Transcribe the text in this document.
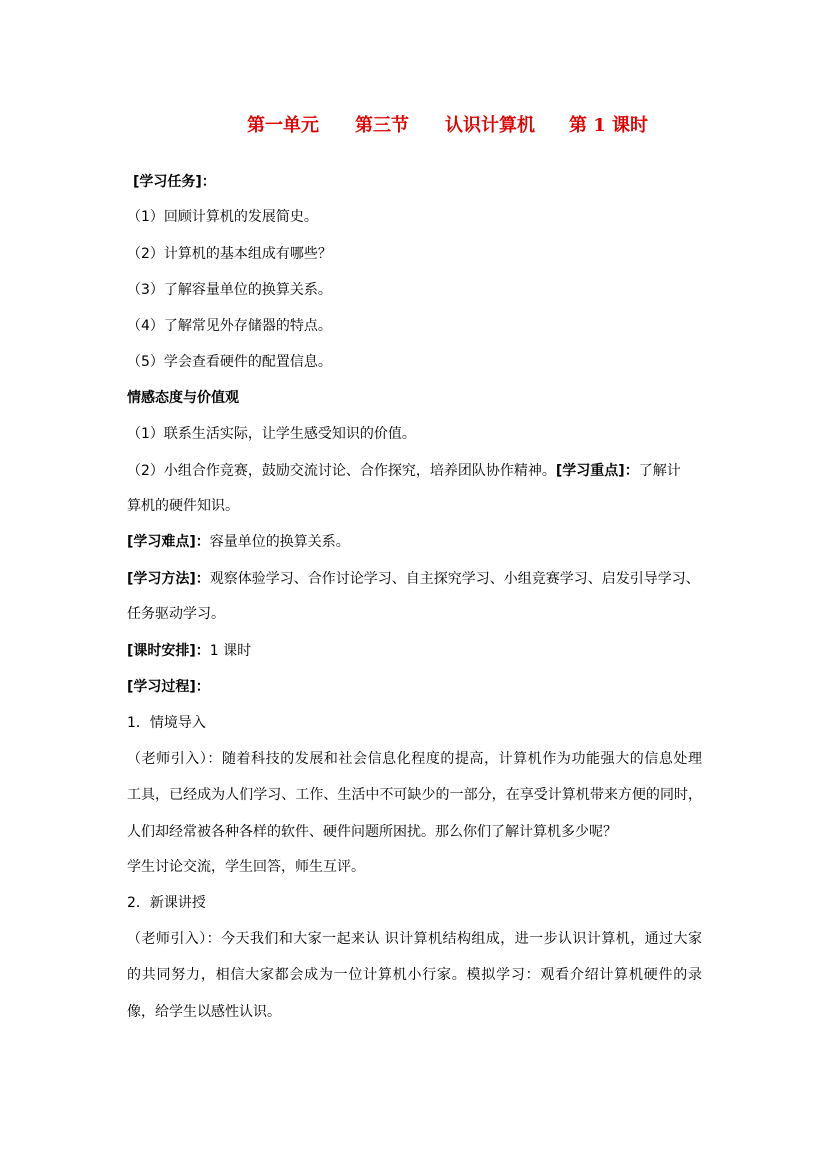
第一单元 第三节 认识计算机 第 1 课时
[学习任务]：
（1）回顾计算机的发展简史。
（2）计算机的基本组成有哪些？
（3）了解容量单位的换算关系。
（4）了解常见外存储器的特点。
（5）学会查看硬件的配置信息。
情感态度与价值观
（1）联系生活实际，让学生感受知识的价值。
（2）小组合作竞赛，鼓励交流讨论、合作探究，培养团队协作精神。[学习重点]：了解计
算机的硬件知识。
[学习难点]：容量单位的换算关系。
[学习方法]：观察体验学习、合作讨论学习、自主探究学习、小组竞赛学习、启发引导学习、
任务驱动学习。
[课时安排]：1 课时
[学习过程]：
1．情境导入
（老师引入）：随着科技的发展和社会信息化程度的提高，计算机作为功能强大的信息处理
工具，已经成为人们学习、工作、生活中不可缺少的一部分，在享受计算机带来方便的同时，
人们却经常被各种各样的软件、硬件问题所困扰。那么你们了解计算机多少呢？
学生讨论交流，学生回答，师生互评。
2．新课讲授
（老师引入）：今天我们和大家一起来认 识计算机结构组成，进一步认识计算机，通过大家
的共同努力，相信大家都会成为一位计算机小行家。模拟学习：观看介绍计算机硬件的录
像，给学生以感性认识。
